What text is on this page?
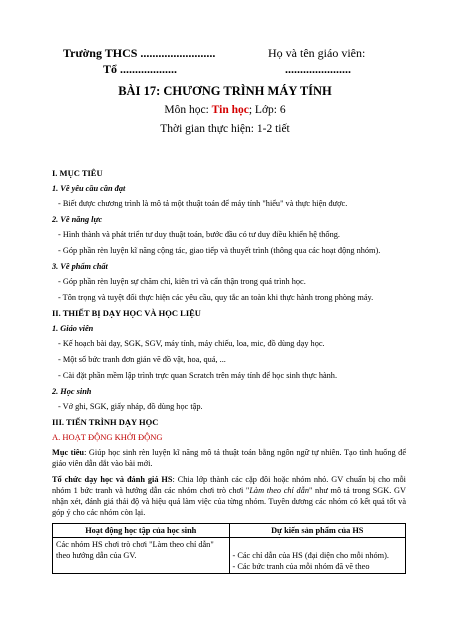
Trường THCS .........................
Tổ ...................
Họ và tên giáo viên:
......................
BÀI 17: CHƯƠNG TRÌNH MÁY TÍNH
Môn học: Tin học; Lớp: 6
Thời gian thực hiện: 1-2 tiết
I. MỤC TIÊU
1. Về yêu cầu cần đạt
- Biết được chương trình là mô tả một thuật toán để máy tính "hiểu" và thực hiện được.
2. Về năng lực
- Hình thành và phát triển tư duy thuật toán, bước đầu có tư duy điều khiển hệ thống.
- Góp phần rèn luyện kĩ năng cộng tác, giao tiếp và thuyết trình (thông qua các hoạt động nhóm).
3. Về phẩm chất
- Góp phần rèn luyện sự chăm chỉ, kiên trì và cẩn thận trong quá trình học.
- Tôn trọng và tuyệt đối thực hiện các yêu cầu, quy tắc an toàn khi thực hành trong phòng máy.
II. THIẾT BỊ DẠY HỌC VÀ HỌC LIỆU
1. Giáo viên
- Kế hoạch bài dạy, SGK, SGV, máy tính, máy chiếu, loa, mic, đồ dùng dạy học.
- Một số bức tranh đơn giản vẽ đồ vật, hoa, quả, ...
- Cài đặt phần mềm lập trình trực quan Scratch trên máy tính để học sinh thực hành.
2. Học sinh
- Vở ghi, SGK, giấy nháp, đồ dùng học tập.
III. TIẾN TRÌNH DẠY HỌC
A. HOẠT ĐỘNG KHỞI ĐỘNG
Mục tiêu: Giúp học sinh rèn luyện kĩ năng mô tả thuật toán bằng ngôn ngữ tự nhiên. Tạo tình huống để giáo viên dẫn dắt vào bài mới.
Tổ chức dạy học và đánh giá HS: Chia lớp thành các cặp đôi hoặc nhóm nhỏ. GV chuẩn bị cho mỗi nhóm 1 bức tranh và hướng dẫn các nhóm chơi trò chơi "Làm theo chỉ dẫn" như mô tả trong SGK. GV nhận xét, đánh giá thái độ và hiệu quả làm việc của từng nhóm. Tuyên dương các nhóm có kết quả tốt và góp ý cho các nhóm còn lại.
Hoạt động học tập của học sinh	Dự kiến sản phẩm của HS
Các nhóm HS chơi trò chơi "Làm theo chỉ dẫn" theo hướng dẫn của GV.	- Các chỉ dẫn của HS (đại diện cho mỗi nhóm).
- Các bức tranh của mỗi nhóm đã vẽ theo
